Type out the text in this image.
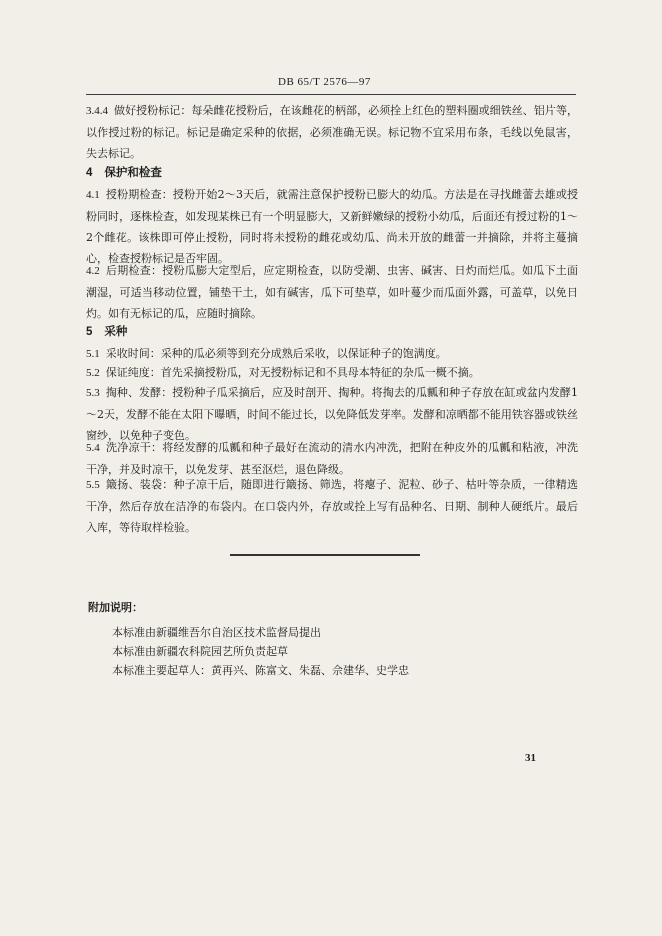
DB 65/T 2576—97
3.4.4 做好授粉标记：每朵雌花授粉后，在该雌花的柄部，必须拴上红色的塑料圈或细铁丝、铝片等，以作授过粉的标记。标记是确定采种的依据，必须准确无误。标记物不宜采用布条，毛线以免鼠害，失去标记。
4 保护和检查
4.1 授粉期检查：授粉开始2～3天后，就需注意保护授粉已膨大的幼瓜。方法是在寻找雌蕾去雄或授粉同时，逐株检查，如发现某株已有一个明显膨大，又新鲜嫩绿的授粉小幼瓜，后面还有授过粉的1～2个雌花。该株即可停止授粉，同时将未授粉的雌花或幼瓜、尚未开放的雌蕾一并摘除，并将主蔓摘心，检查授粉标记是否牢固。
4.2 后期检查：授粉瓜膨大定型后，应定期检查，以防受潮、虫害、碱害、日灼而烂瓜。如瓜下土面潮湿，可适当移动位置，铺垫干土，如有碱害，瓜下可垫草，如叶蔓少而瓜面外露，可盖草，以免日灼。如有无标记的瓜，应随时摘除。
5 采种
5.1 采收时间：采种的瓜必须等到充分成熟后采收，以保证种子的饱满度。
5.2 保证纯度：首先采摘授粉瓜，对无授粉标记和不具母本特征的杂瓜一概不摘。
5.3 掏种、发酵：授粉种子瓜采摘后，应及时剖开、掏种。将掏去的瓜瓤和种子存放在缸或盆内发酵1～2天，发酵不能在太阳下曝晒，时间不能过长，以免降低发芽率。发酵和凉晒都不能用铁容器或铁丝窗纱，以免种子变色。
5.4 洗净凉干：将经发酵的瓜瓤和种子最好在流动的清水内冲洗，把附在种皮外的瓜瓤和粘液，冲洗干净，并及时凉干，以免发芽、甚至沤烂，退色降级。
5.5 簸扬、装袋：种子凉干后，随即进行簸扬、筛选，将瘪子、泥粒、砂子、枯叶等杂质，一律精选干净，然后存放在洁净的布袋内。在口袋内外，存放或拴上写有品种名、日期、制种人硬纸片。最后入库，等待取样检验。
附加说明：
本标准由新疆维吾尔自治区技术监督局提出
本标准由新疆农科院园艺所负责起草
本标准主要起草人：黄再兴、陈富文、朱磊、佘建华、史学忠
31
